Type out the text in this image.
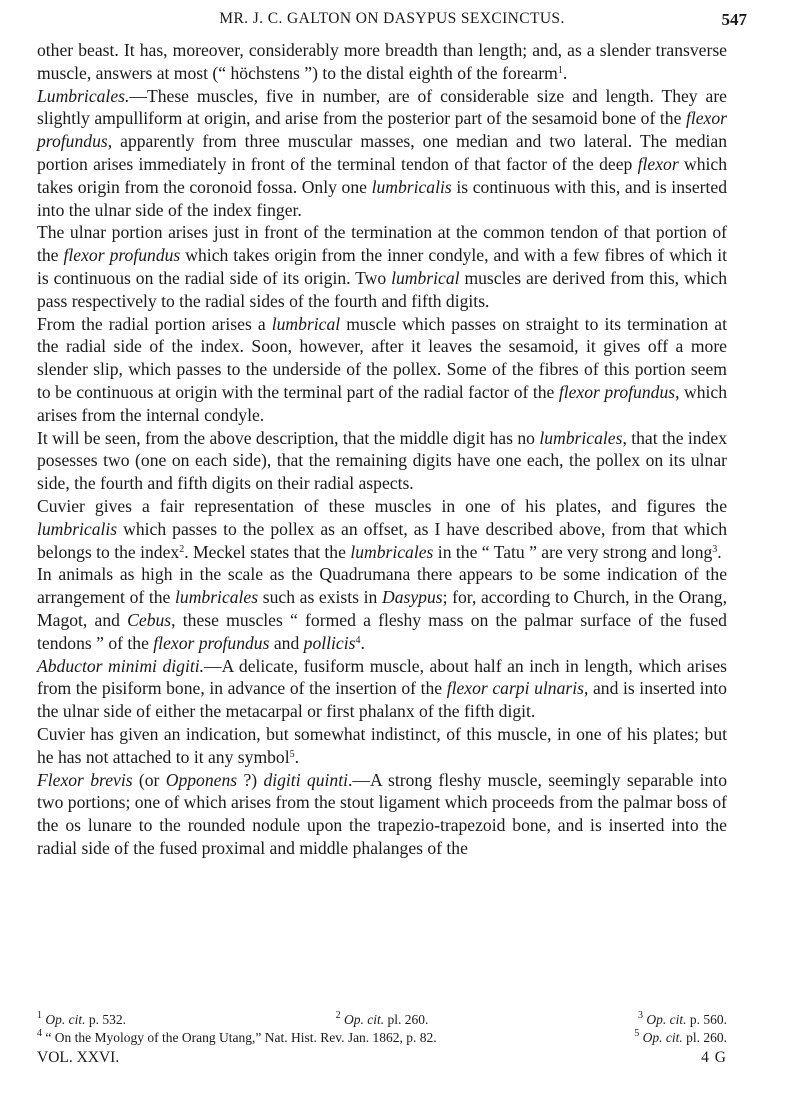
MR. J. C. GALTON ON DASYPUS SEXCINCTUS.	547

other beast. It has, moreover, considerably more breadth than length; and, as a slender transverse muscle, answers at most (“ höchstens ”) to the distal eighth of the forearm$^1$.

Lumbricales.—These muscles, five in number, are of considerable size and length. They are slightly ampulliform at origin, and arise from the posterior part of the sesamoid bone of the flexor profundus, apparently from three muscular masses, one median and two lateral. The median portion arises immediately in front of the terminal tendon of that factor of the deep flexor which takes origin from the coronoid fossa. Only one lumbricalis is continuous with this, and is inserted into the ulnar side of the index finger.

The ulnar portion arises just in front of the termination at the common tendon of that portion of the flexor profundus which takes origin from the inner condyle, and with a few fibres of which it is continuous on the radial side of its origin. Two lumbrical muscles are derived from this, which pass respectively to the radial sides of the fourth and fifth digits.

From the radial portion arises a lumbrical muscle which passes on straight to its termination at the radial side of the index. Soon, however, after it leaves the sesamoid, it gives off a more slender slip, which passes to the underside of the pollex. Some of the fibres of this portion seem to be continuous at origin with the terminal part of the radial factor of the flexor profundus, which arises from the internal condyle.

It will be seen, from the above description, that the middle digit has no lumbricales, that the index posesses two (one on each side), that the remaining digits have one each, the pollex on its ulnar side, the fourth and fifth digits on their radial aspects.

Cuvier gives a fair representation of these muscles in one of his plates, and figures the lumbricalis which passes to the pollex as an offset, as I have described above, from that which belongs to the index$^2$. Meckel states that the lumbricales in the “ Tatu ” are very strong and long$^3$.

In animals as high in the scale as the Quadrumana there appears to be some indication of the arrangement of the lumbricales such as exists in Dasypus; for, according to Church, in the Orang, Magot, and Cebus, these muscles “ formed a fleshy mass on the palmar surface of the fused tendons ” of the flexor profundus and pollicis$^4$.

Abductor minimi digiti.—A delicate, fusiform muscle, about half an inch in length, which arises from the pisiform bone, in advance of the insertion of the flexor carpi ulnaris, and is inserted into the ulnar side of either the metacarpal or first phalanx of the fifth digit.

Cuvier has given an indication, but somewhat indistinct, of this muscle, in one of his plates; but he has not attached to it any symbol$^5$.

Flexor brevis (or Opponens ?) digiti quinti.—A strong fleshy muscle, seemingly separable into two portions; one of which arises from the stout ligament which proceeds from the palmar boss of the os lunare to the rounded nodule upon the trapezio-trapezoid bone, and is inserted into the radial side of the fused proximal and middle phalanges of the

$^1$ Op. cit. p. 532.	$^2$ Op. cit. pl. 260.	$^3$ Op. cit. p. 560.
$^4$ “ On the Myology of the Orang Utang,” Nat. Hist. Rev. Jan. 1862, p. 82.	$^5$ Op. cit. pl. 260.
VOL. XXVI.	4 G
